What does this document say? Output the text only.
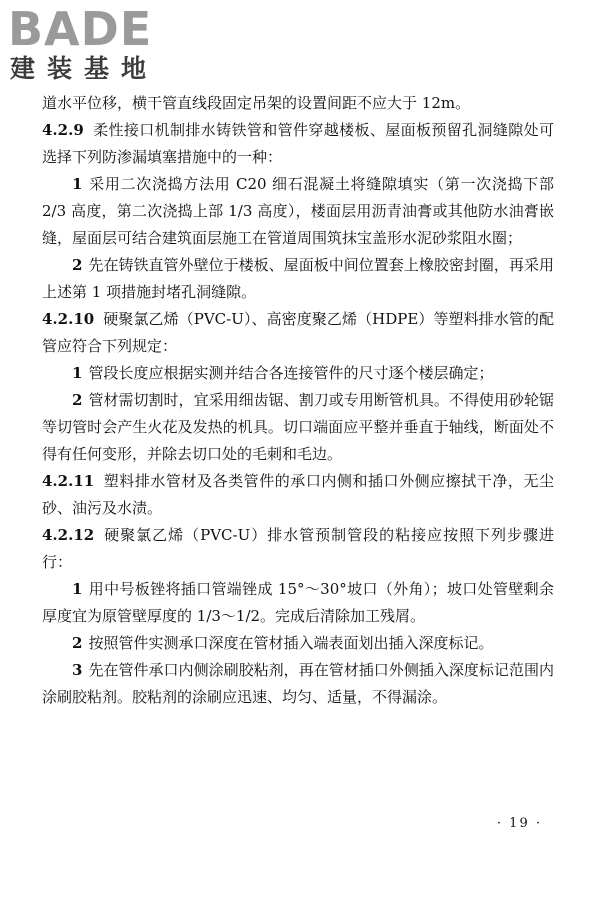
BADE
建装基地

道水平位移，横干管直线段固定吊架的设置间距不应大于 12m。

4.2.9 柔性接口机制排水铸铁管和管件穿越楼板、屋面板预留孔洞缝隙处可选择下列防渗漏填塞措施中的一种：

1 采用二次浇捣方法用 C20 细石混凝土将缝隙填实（第一次浇捣下部 2/3 高度，第二次浇捣上部 1/3 高度），楼面层用沥青油膏或其他防水油膏嵌缝，屋面层可结合建筑面层施工在管道周围筑抹宝盖形水泥砂浆阻水圈；

2 先在铸铁直管外壁位于楼板、屋面板中间位置套上橡胶密封圈，再采用上述第 1 项措施封堵孔洞缝隙。

4.2.10 硬聚氯乙烯（PVC-U）、高密度聚乙烯（HDPE）等塑料排水管的配管应符合下列规定：

1 管段长度应根据实测并结合各连接管件的尺寸逐个楼层确定；

2 管材需切割时，宜采用细齿锯、割刀或专用断管机具。不得使用砂轮锯等切管时会产生火花及发热的机具。切口端面应平整并垂直于轴线，断面处不得有任何变形，并除去切口处的毛刺和毛边。

4.2.11 塑料排水管材及各类管件的承口内侧和插口外侧应擦拭干净，无尘砂、油污及水渍。

4.2.12 硬聚氯乙烯（PVC-U）排水管预制管段的粘接应按照下列步骤进行：

1 用中号板锉将插口管端锉成 15°～30°坡口（外角）；坡口处管壁剩余厚度宜为原管壁厚度的 1/3～1/2。完成后清除加工残屑。

2 按照管件实测承口深度在管材插入端表面划出插入深度标记。

3 先在管件承口内侧涂刷胶粘剂，再在管材插口外侧插入深度标记范围内涂刷胶粘剂。胶粘剂的涂刷应迅速、均匀、适量，不得漏涂。

· 19 ·
